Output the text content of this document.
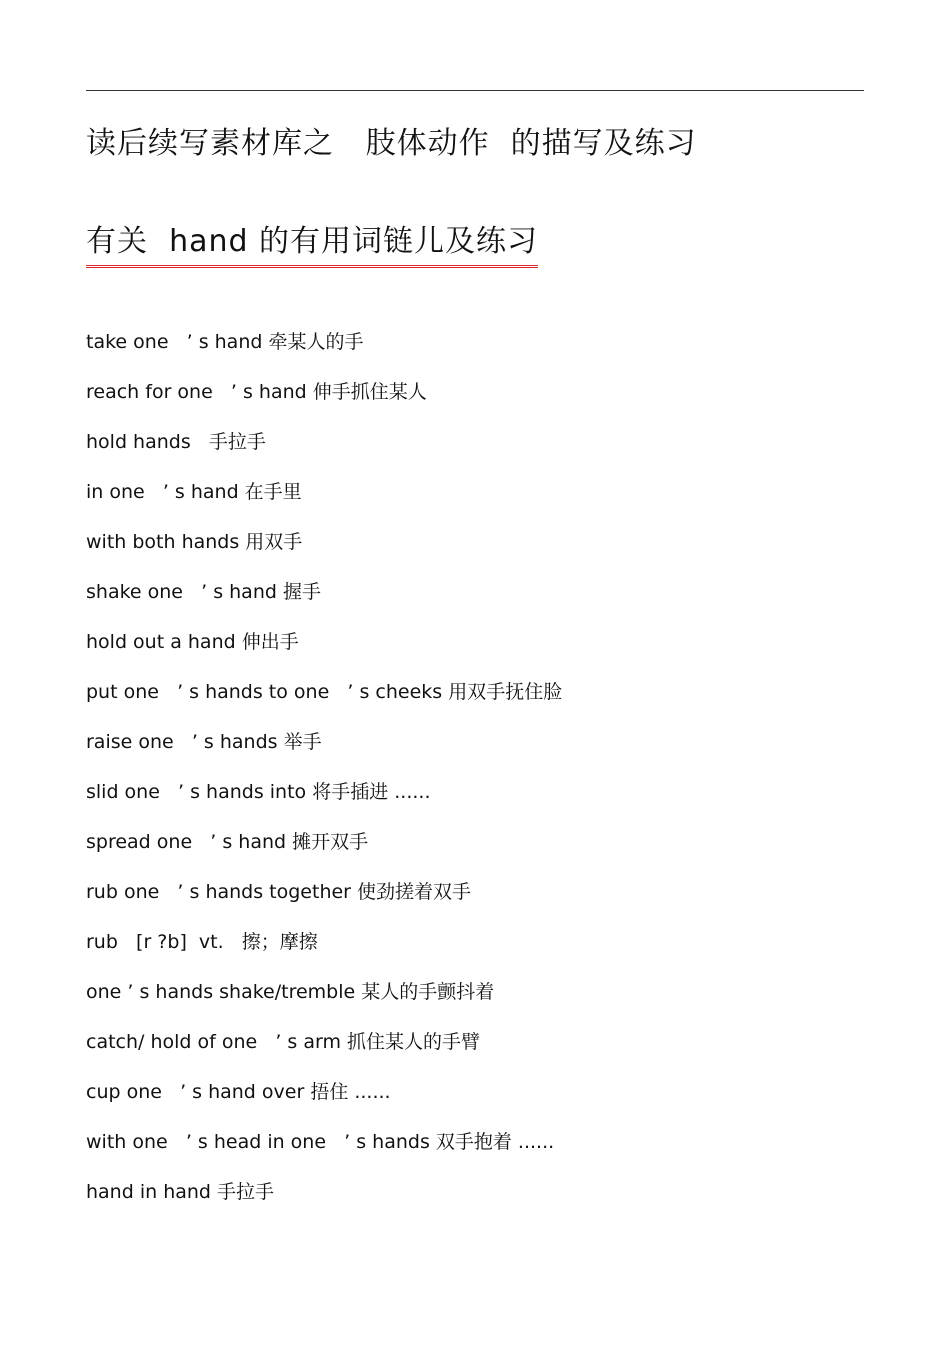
读后续写素材库之   肢体动作  的描写及练习
有关  hand 的有用词链儿及练习
take one   ’ s hand 牵某人的手
reach for one   ’ s hand 伸手抓住某人
hold hands   手拉手
in one   ’ s hand 在手里
with both hands 用双手
shake one   ’ s hand 握手
hold out a hand 伸出手
put one   ’ s hands to one   ’ s cheeks 用双手抚住脸
raise one   ’ s hands 举手
slid one   ’ s hands into 将手插进 ......
spread one   ’ s hand 摊开双手
rub one   ’ s hands together 使劲搓着双手
rub   [r ?b]  vt.   擦；摩擦
one ’ s hands shake/tremble 某人的手颤抖着
catch/ hold of one   ’ s arm 抓住某人的手臂
cup one   ’ s hand over 捂住 ......
with one   ’ s head in one   ’ s hands 双手抱着 ......
hand in hand 手拉手
